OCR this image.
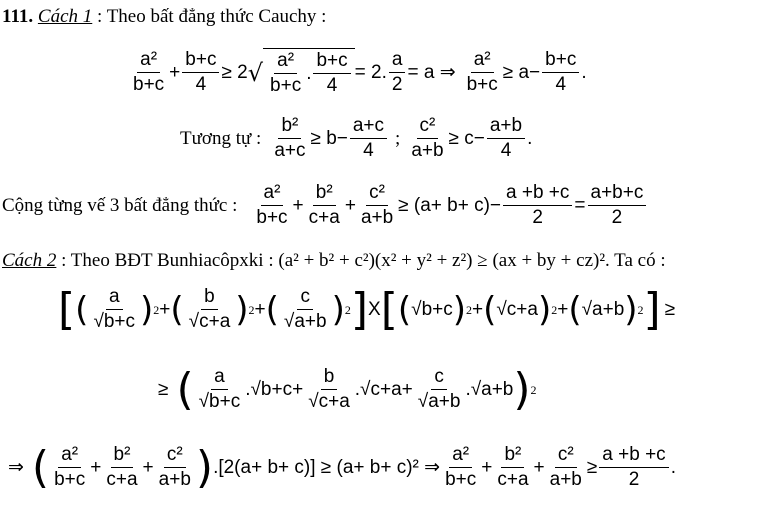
111. Cách 1 : Theo bất đẳng thức Cauchy :
$\frac{\text{a²}}{b+c} + \frac{b+c}{4} \ge 2$ √ $\frac{\text{a²}}{b+c}$ . $\frac{b+c}{4} = 2$. $\frac{a}{2} = a$ ⇒ $\frac{\text{a²}}{b+c} \ge a- \frac{b+c}{4}$ .
Tương tự : $\frac{\text{b²}}{a+c} \ge b- \frac{a+c}{4}$ ; $\frac{\text{c²}}{a+b} \ge c- \frac{a+b}{4}$ .
Cộng từng vế 3 bất đẳng thức : $\frac{\text{a²}}{b+c} + \frac{\text{b²}}{c+a} + \frac{\text{c²}}{a+b} \ge (a+ b+ c)- \frac{a +b +c}{2} = \frac{a+b+c}{2}$
Cách 2 : Theo BĐT Bunhiacôpxki : (a² + b² + c²)(x² + y² + z²) ≥ (ax + by + cz)². Ta có :
[ ( $\frac{a}{√b+c}$ ) 2 + ( $\frac{b}{√c+a}$ ) 2 + ( $\frac{c}{√a+b}$ ) 2 ] X [ ( √b+c ) 2 + ( √c+a ) 2 + ( √a+b ) 2 ] ≥
≥ ( $\frac{a}{√b+c} .√b+c + \frac{b}{√c+a} .√c+a + \frac{c}{√a+b} .√a+b$ ) 2
⇒ ( $\frac{\text{a²}}{b+c} + \frac{\text{b²}}{c+a} + \frac{\text{c²}}{a+b}$ ) .[2(a+ b+ c)] ≥ (a+ b+ c)² ⇒ $\frac{\text{a²}}{b+c} + \frac{\text{b²}}{c+a} + \frac{\text{c²}}{a+b} \ge \frac{a +b +c}{2}$ .
